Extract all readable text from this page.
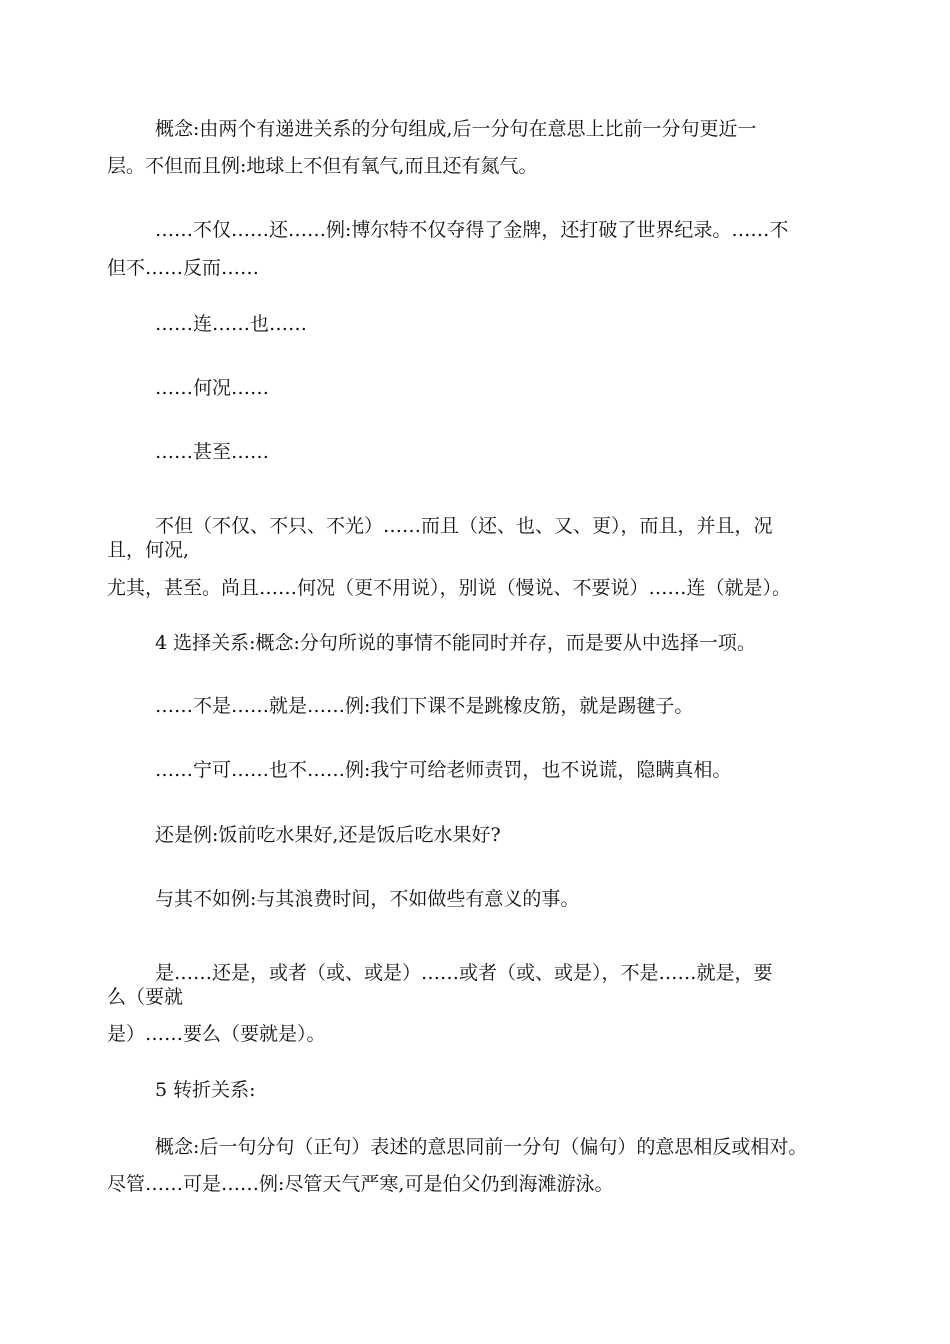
概念:由两个有递进关系的分句组成,后一分句在意思上比前一分句更近一
层。不但而且例:地球上不但有氧气,而且还有氮气。
……不仅……还……例:博尔特不仅夺得了金牌，还打破了世界纪录。……不
但不……反而……
……连……也……
……何况……
……甚至……
不但（不仅、不只、不光）……而且（还、也、又、更），而且，并且，况
且，何况,
尤其，甚至。尚且……何况（更不用说），别说（慢说、不要说）……连（就是）。
4 选择关系:概念:分句所说的事情不能同时并存，而是要从中选择一项。
……不是……就是……例:我们下课不是跳橡皮筋，就是踢毽子。
……宁可……也不……例:我宁可给老师责罚，也不说谎，隐瞒真相。
还是例:饭前吃水果好,还是饭后吃水果好?
与其不如例:与其浪费时间，不如做些有意义的事。
是……还是，或者（或、或是）……或者（或、或是），不是……就是，要
么（要就
是）……要么（要就是）。
5 转折关系:
概念:后一句分句（正句）表述的意思同前一分句（偏句）的意思相反或相对。
尽管……可是……例:尽管天气严寒,可是伯父仍到海滩游泳。
